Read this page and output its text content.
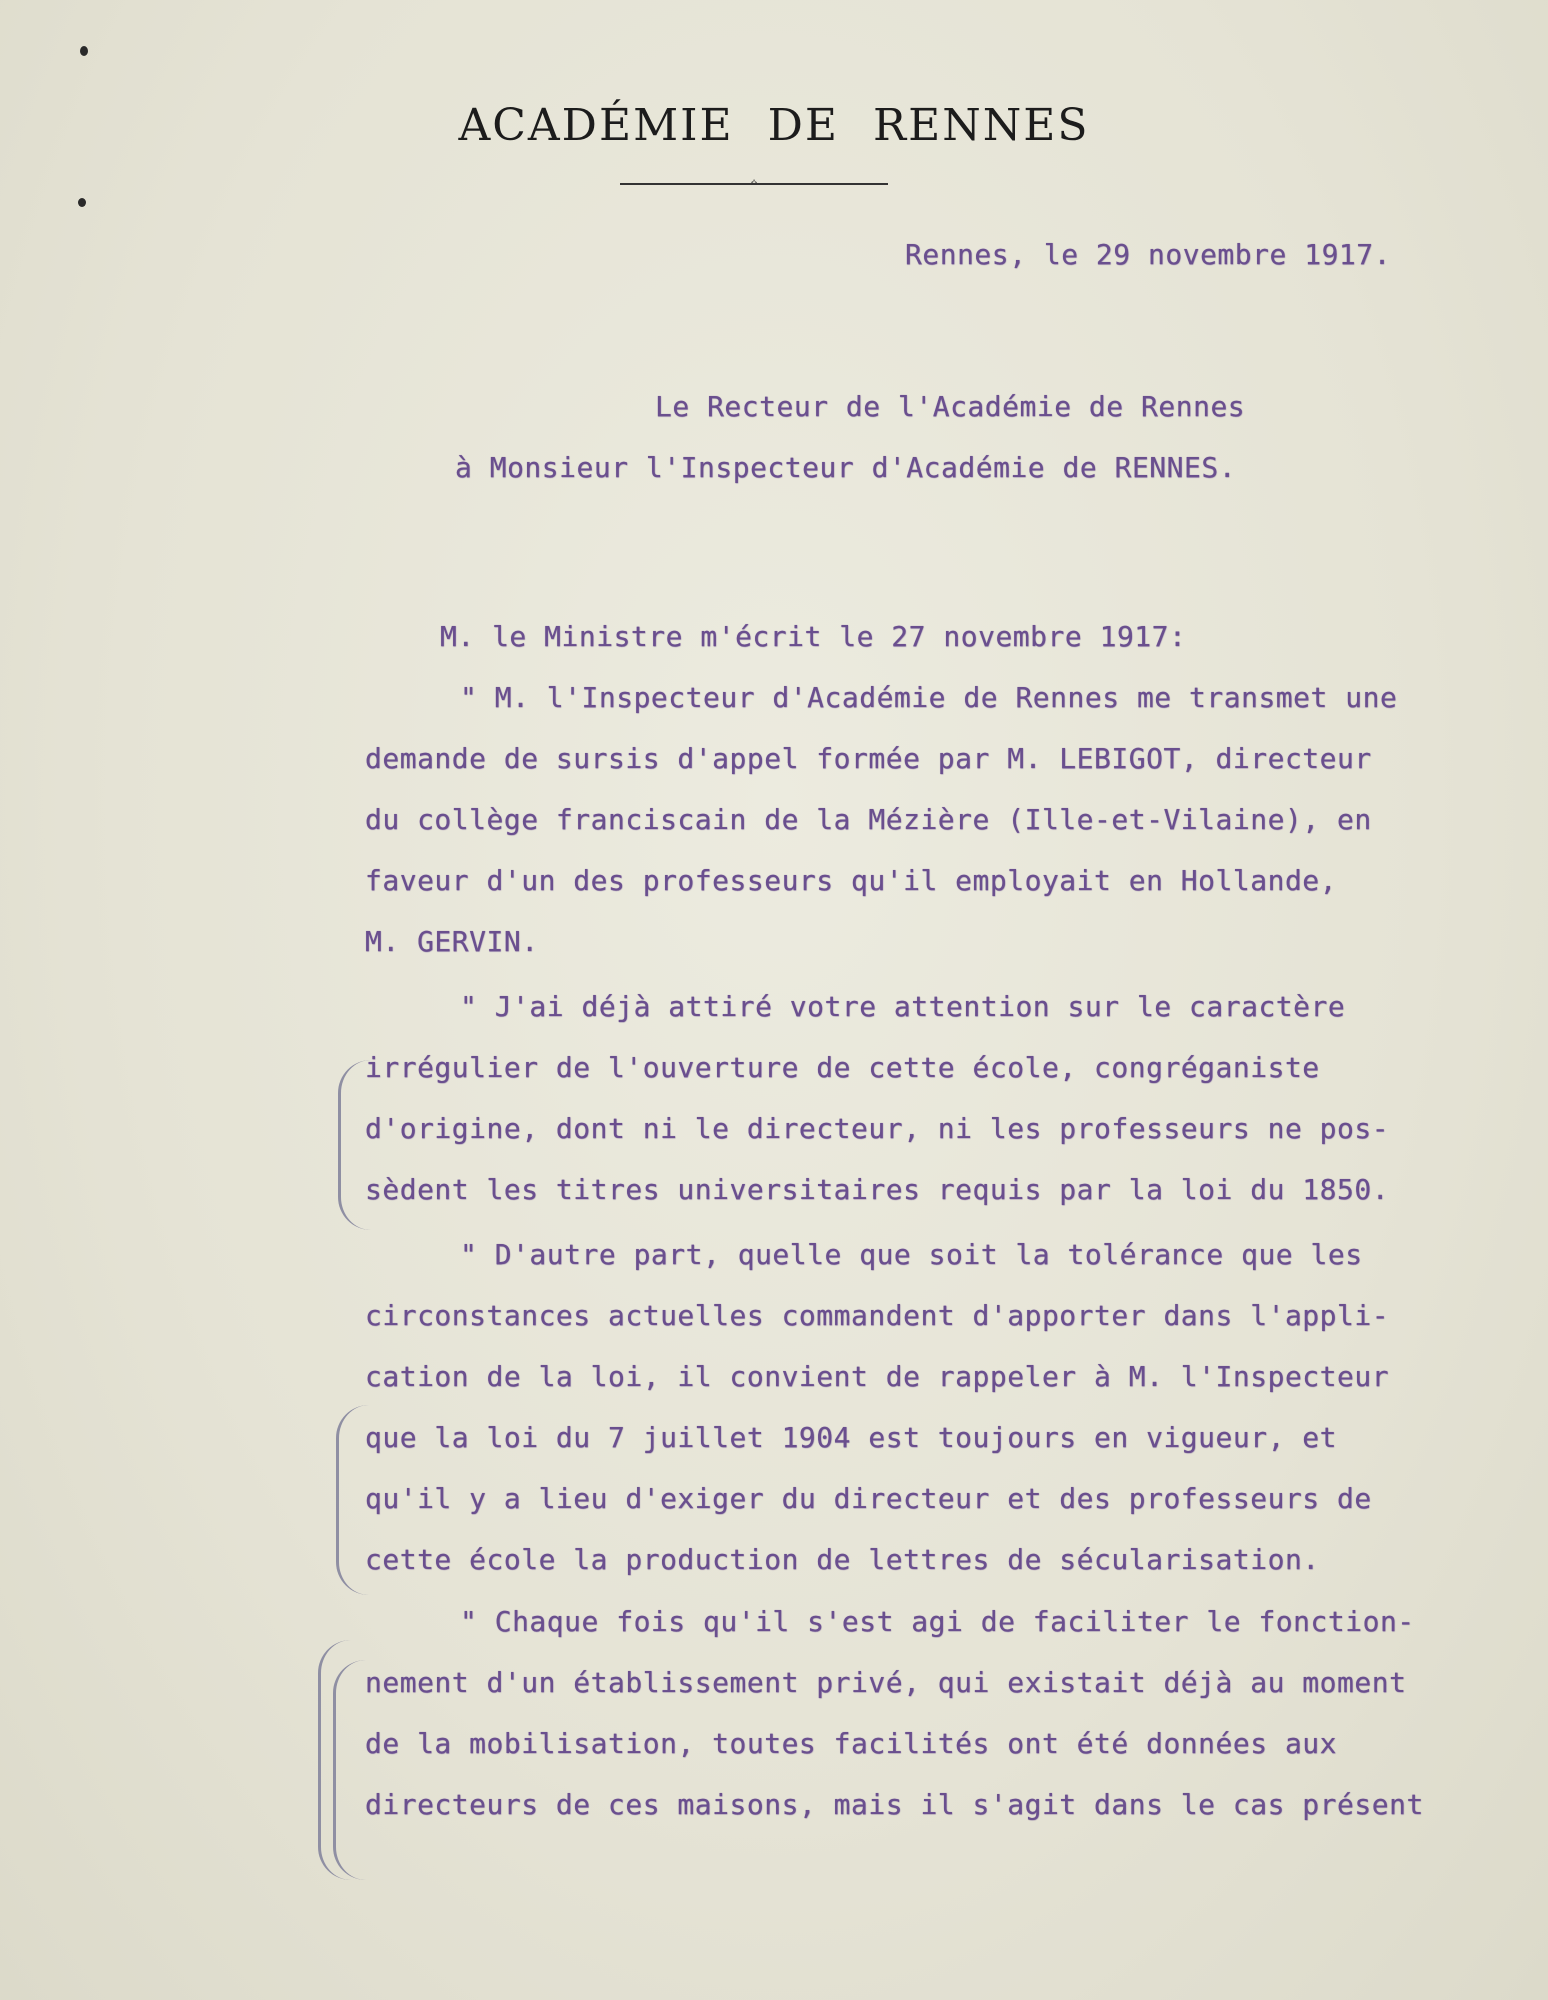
ACADÉMIE DE RENNES
⟡
Rennes, le 29 novembre 1917.
Le Recteur de l'Académie de Rennes
à Monsieur l'Inspecteur d'Académie de RENNES.
M. le Ministre m'écrit le 27 novembre 1917:
" M. l'Inspecteur d'Académie de Rennes me transmet une
demande de sursis d'appel formée par M. LEBIGOT, directeur
du collège franciscain de la Mézière (Ille-et-Vilaine), en
faveur d'un des professeurs qu'il employait en Hollande,
M. GERVIN.
" J'ai déjà attiré votre attention sur le caractère
irrégulier de l'ouverture de cette école, congréganiste
d'origine, dont ni le directeur, ni les professeurs ne pos-
sèdent les titres universitaires requis par la loi du 1850.
" D'autre part, quelle que soit la tolérance que les
circonstances actuelles commandent d'apporter dans l'appli-
cation de la loi, il convient de rappeler à M. l'Inspecteur
que la loi du 7 juillet 1904 est toujours en vigueur, et
qu'il y a lieu d'exiger du directeur et des professeurs de
cette école la production de lettres de sécularisation.
" Chaque fois qu'il s'est agi de faciliter le fonction-
nement d'un établissement privé, qui existait déjà au moment
de la mobilisation, toutes facilités ont été données aux
directeurs de ces maisons, mais il s'agit dans le cas présent
